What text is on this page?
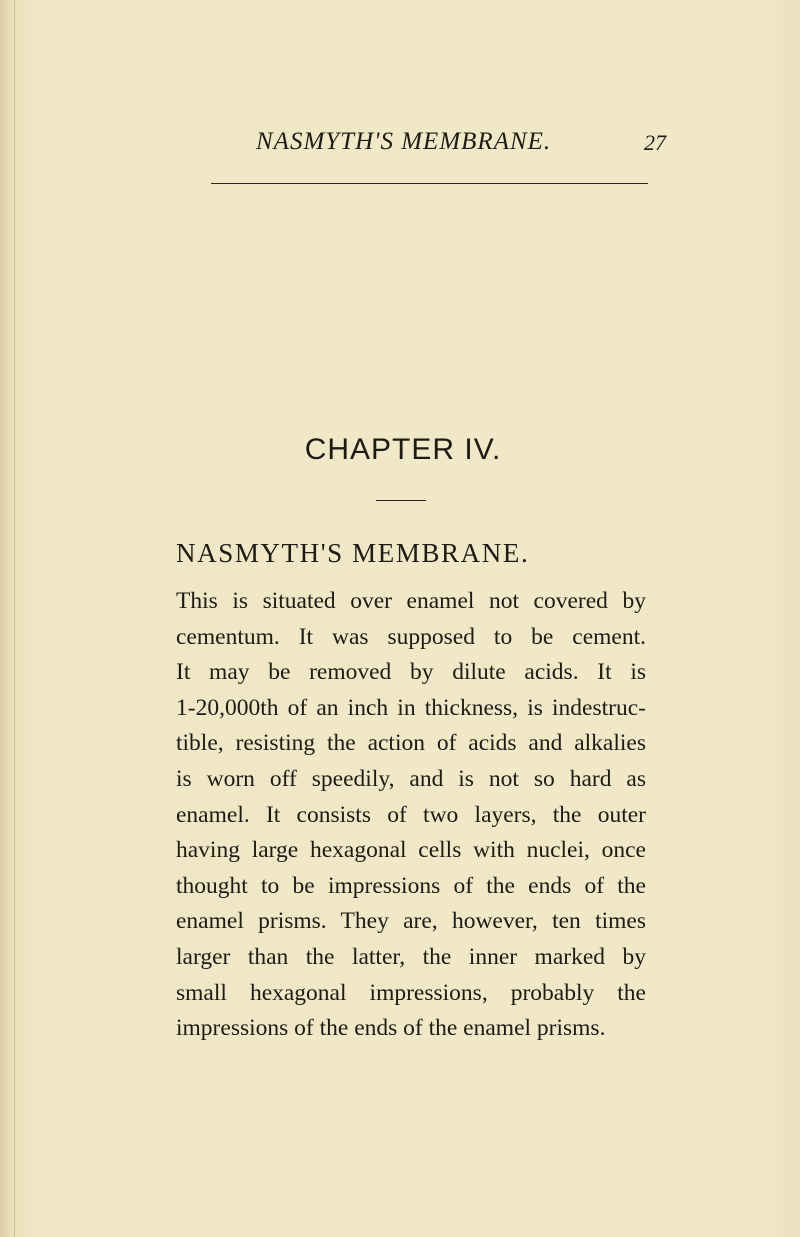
NASMYTH'S MEMBRANE.	27
CHAPTER IV.
NASMYTH'S MEMBRANE.
This is situated over enamel not covered by
cementum. It was supposed to be cement.
It may be removed by dilute acids. It is
1-20,000th of an inch in thickness, is indestruc-
tible, resisting the action of acids and alkalies
is worn off speedily, and is not so hard as
enamel. It consists of two layers, the outer
having large hexagonal cells with nuclei, once
thought to be impressions of the ends of the
enamel prisms. They are, however, ten times
larger than the latter, the inner marked by
small hexagonal impressions, probably the
impressions of the ends of the enamel prisms.
